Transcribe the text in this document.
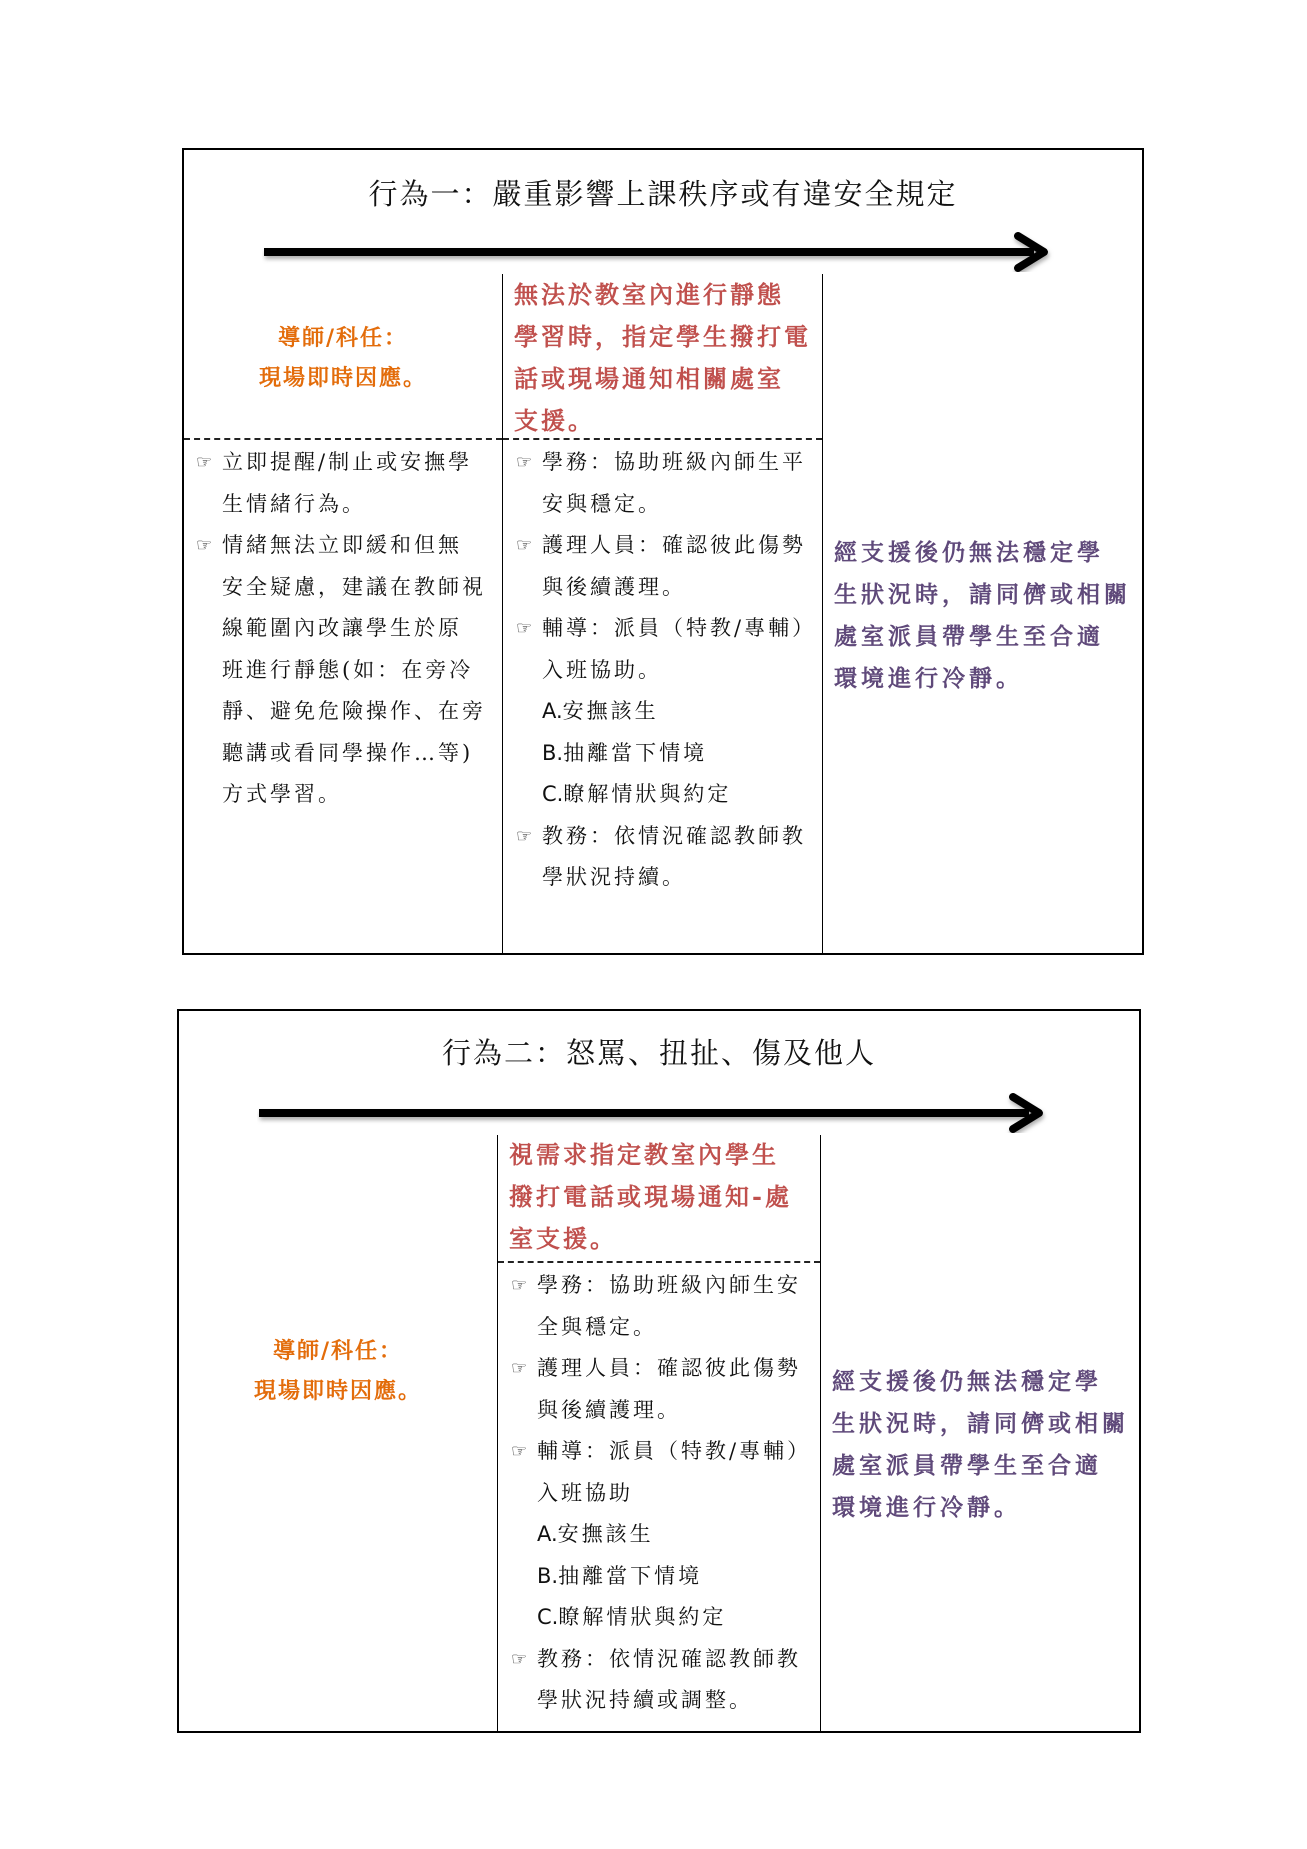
行為一：嚴重影響上課秩序或有違安全規定
導師/科任：
現場即時因應。
無法於教室內進行靜態
學習時，指定學生撥打電
話或現場通知相關處室
支援。
☞ 立即提醒/制止或安撫學
生情緒行為。
☞ 情緒無法立即緩和但無
安全疑慮，建議在教師視
線範圍內改讓學生於原
班進行靜態(如：在旁冷
靜、避免危險操作、在旁
聽講或看同學操作…等)
方式學習。
☞ 學務：協助班級內師生平
安與穩定。
☞ 護理人員：確認彼此傷勢
與後續護理。
☞ 輔導：派員（特教/專輔）
入班協助。
A.安撫該生
B.抽離當下情境
C.瞭解情狀與約定
☞ 教務：依情況確認教師教
學狀況持續。
經支援後仍無法穩定學
生狀況時，請同儕或相關
處室派員帶學生至合適
環境進行冷靜。
行為二：怒罵、扭扯、傷及他人
導師/科任：
現場即時因應。
視需求指定教室內學生
撥打電話或現場通知-處
室支援。
☞ 學務：協助班級內師生安
全與穩定。
☞ 護理人員：確認彼此傷勢
與後續護理。
☞ 輔導：派員（特教/專輔）
入班協助
A.安撫該生
B.抽離當下情境
C.瞭解情狀與約定
☞ 教務：依情況確認教師教
學狀況持續或調整。
經支援後仍無法穩定學
生狀況時，請同儕或相關
處室派員帶學生至合適
環境進行冷靜。
